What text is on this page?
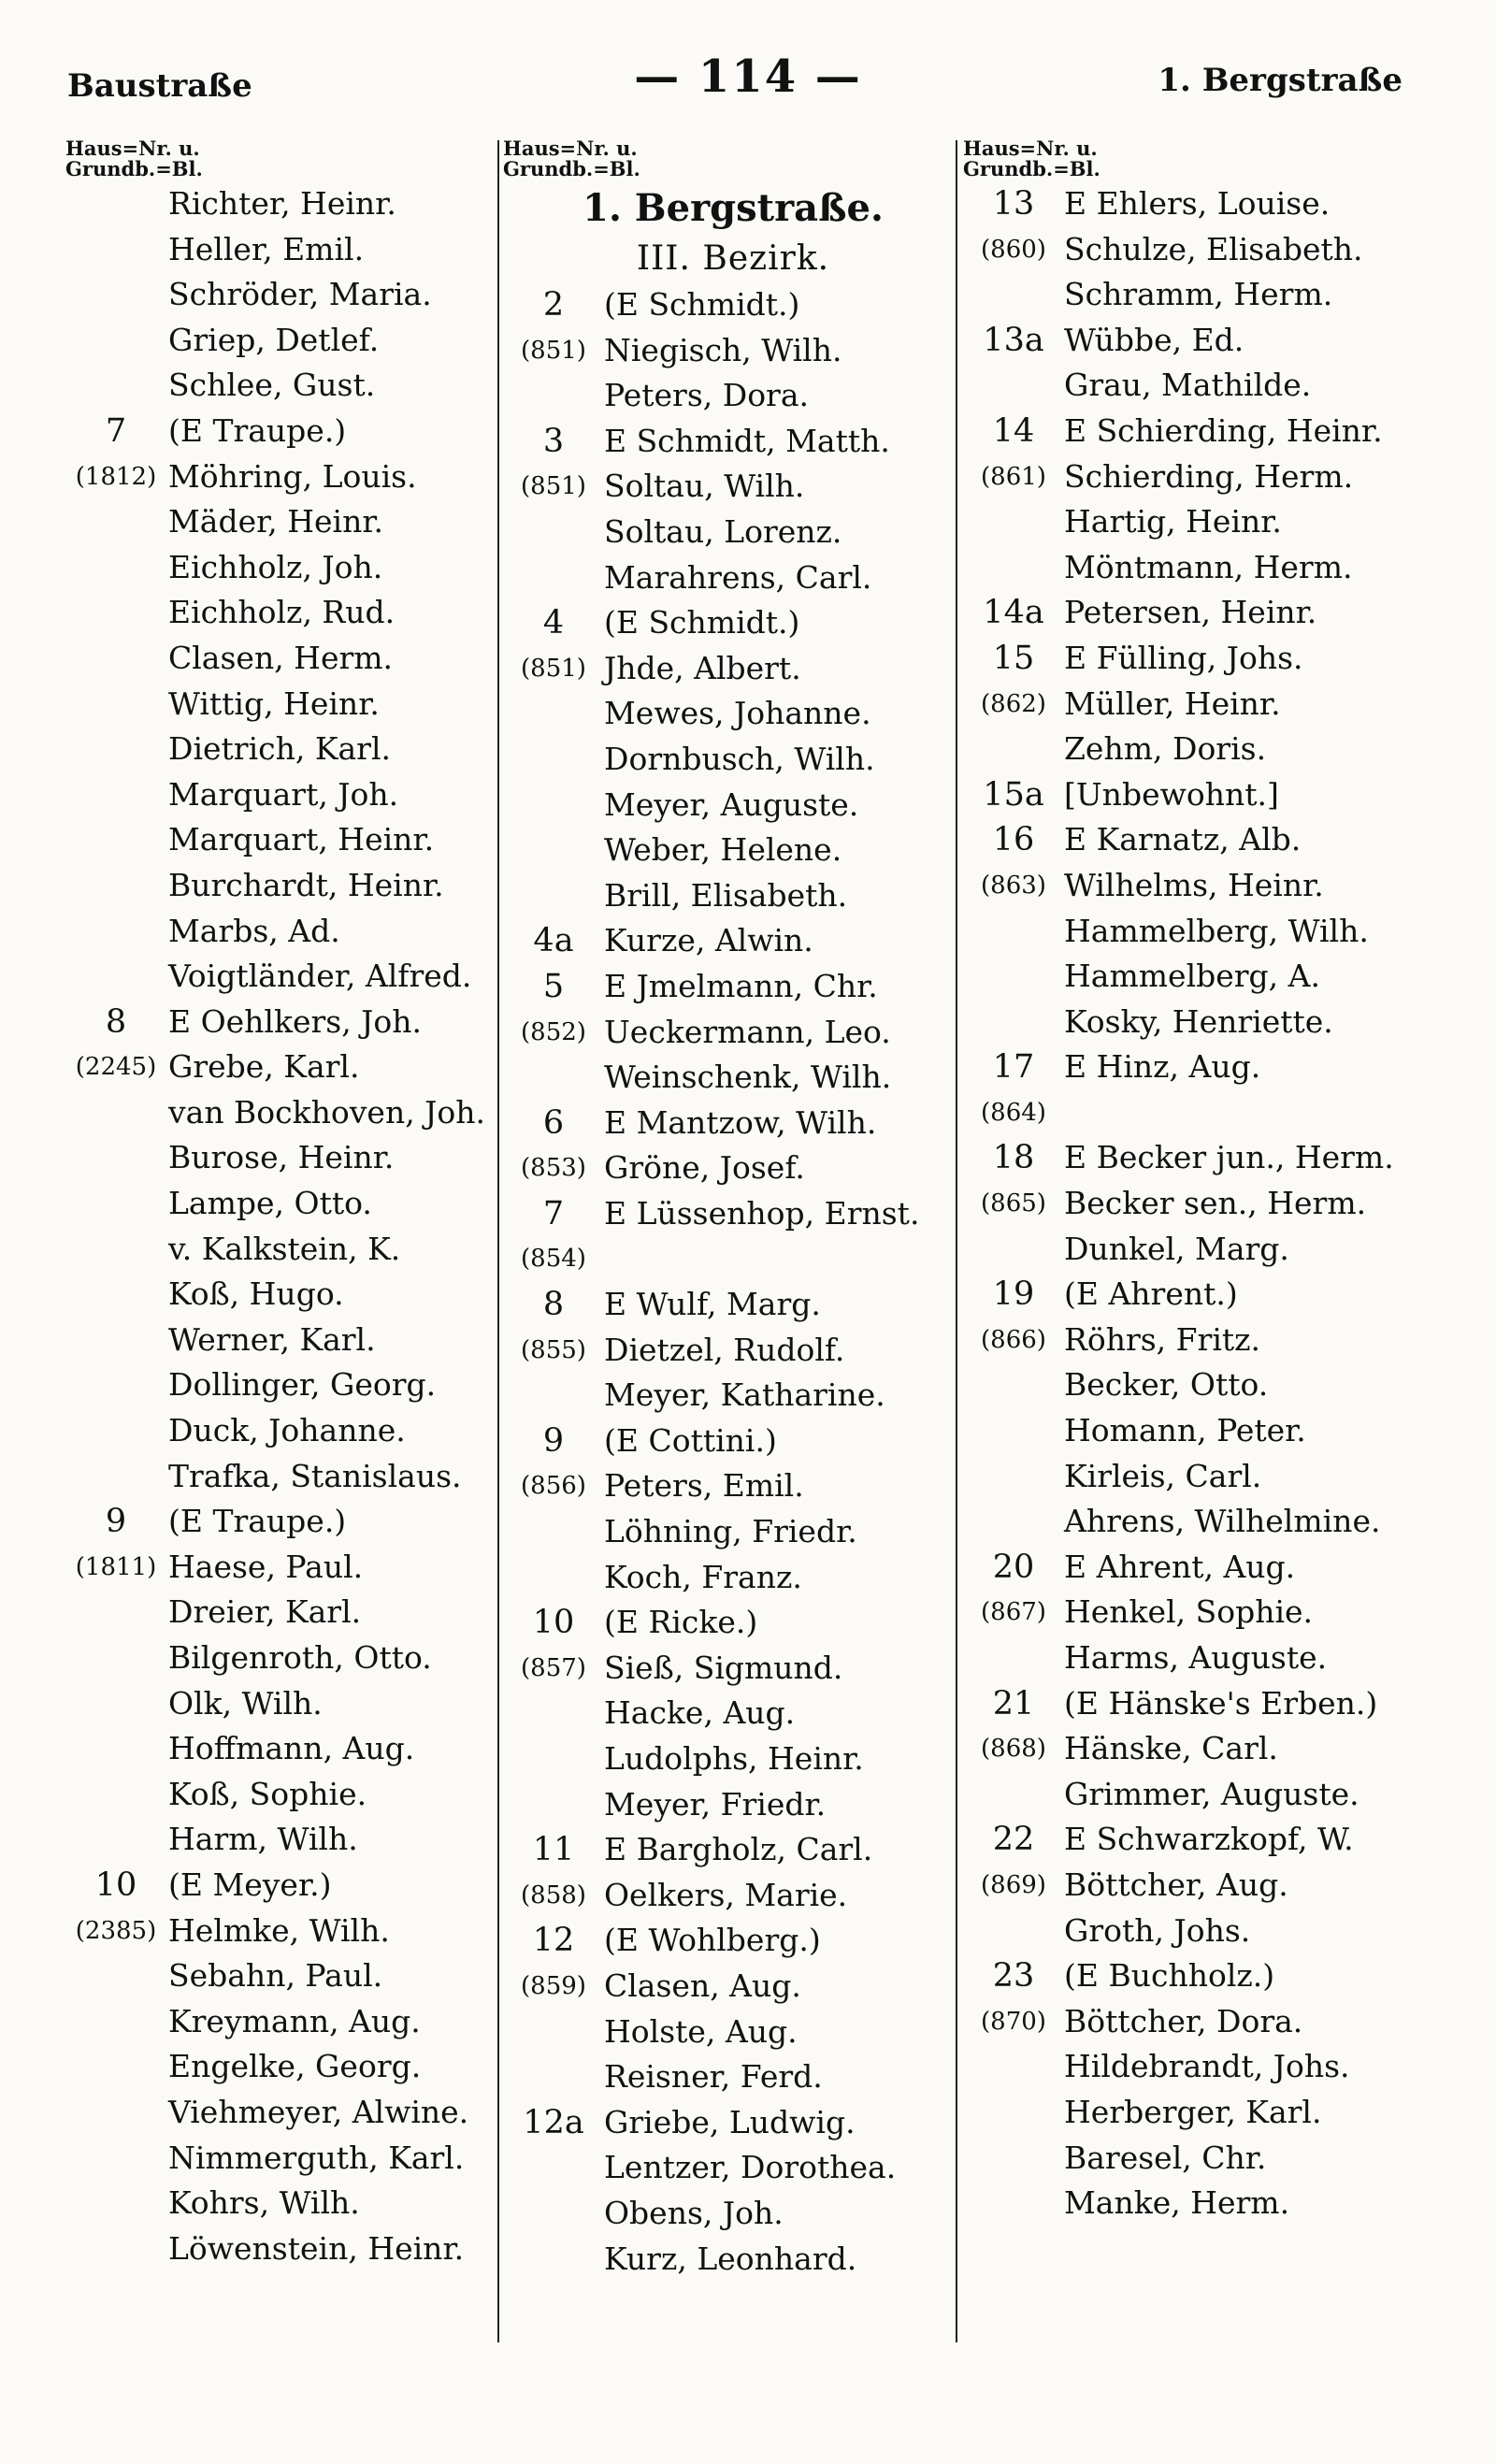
Baustraße	— 114 —	1. Bergstraße
Haus=Nr. u.
Grundb.=Bl.
Richter, Heinr.
Heller, Emil.
Schröder, Maria.
Griep, Detlef.
Schlee, Gust.
7	(E Traupe.)
(1812) Möhring, Louis.
Mäder, Heinr.
Eichholz, Joh.
Eichholz, Rud.
Clasen, Herm.
Wittig, Heinr.
Dietrich, Karl.
Marquart, Joh.
Marquart, Heinr.
Burchardt, Heinr.
Marbs, Ad.
Voigtländer, Alfred.
8	E Oehlkers, Joh.
(2245) Grebe, Karl.
van Bockhoven, Joh.
Burose, Heinr.
Lampe, Otto.
v. Kalkstein, K.
Koß, Hugo.
Werner, Karl.
Dollinger, Georg.
Duck, Johanne.
Trafka, Stanislaus.
9	(E Traupe.)
(1811) Haese, Paul.
Dreier, Karl.
Bilgenroth, Otto.
Olk, Wilh.
Hoffmann, Aug.
Koß, Sophie.
Harm, Wilh.
10	(E Meyer.)
(2385) Helmke, Wilh.
Sebahn, Paul.
Kreymann, Aug.
Engelke, Georg.
Viehmeyer, Alwine.
Nimmerguth, Karl.
Kohrs, Wilh.
Löwenstein, Heinr.
Haus=Nr. u.
Grundb.=Bl.
1. Bergstraße.
III. Bezirk.
2	(E Schmidt.)
(851) Niegisch, Wilh.
Peters, Dora.
3	E Schmidt, Matth.
(851) Soltau, Wilh.
Soltau, Lorenz.
Marahrens, Carl.
4	(E Schmidt.)
(851) Jhde, Albert.
Mewes, Johanne.
Dornbusch, Wilh.
Meyer, Auguste.
Weber, Helene.
Brill, Elisabeth.
4a Kurze, Alwin.
5	E Jmelmann, Chr.
(852) Ueckermann, Leo.
Weinschenk, Wilh.
6	E Mantzow, Wilh.
(853) Gröne, Josef.
7	E Lüssenhop, Ernst.
(854)
8	E Wulf, Marg.
(855) Dietzel, Rudolf.
Meyer, Katharine.
9	(E Cottini.)
(856) Peters, Emil.
Löhning, Friedr.
Koch, Franz.
10 (E Ricke.)
(857) Sieß, Sigmund.
Hacke, Aug.
Ludolphs, Heinr.
Meyer, Friedr.
11 E Bargholz, Carl.
(858) Oelkers, Marie.
12 (E Wohlberg.)
(859) Clasen, Aug.
Holste, Aug.
Reisner, Ferd.
12a Griebe, Ludwig.
Lentzer, Dorothea.
Obens, Joh.
Kurz, Leonhard.
Haus=Nr. u.
Grundb.=Bl.
13 E Ehlers, Louise.
(860) Schulze, Elisabeth.
Schramm, Herm.
13a Wübbe, Ed.
Grau, Mathilde.
14 E Schierding, Heinr.
(861) Schierding, Herm.
Hartig, Heinr.
Möntmann, Herm.
14a Petersen, Heinr.
15 E Fülling, Johs.
(862) Müller, Heinr.
Zehm, Doris.
15a [Unbewohnt.]
16 E Karnatz, Alb.
(863) Wilhelms, Heinr.
Hammelberg, Wilh.
Hammelberg, A.
Kosky, Henriette.
17 E Hinz, Aug.
(864)
18 E Becker jun., Herm.
(865) Becker sen., Herm.
Dunkel, Marg.
19 (E Ahrent.)
(866) Röhrs, Fritz.
Becker, Otto.
Homann, Peter.
Kirleis, Carl.
Ahrens, Wilhelmine.
20 E Ahrent, Aug.
(867) Henkel, Sophie.
Harms, Auguste.
21 (E Hänske's Erben.)
(868) Hänske, Carl.
Grimmer, Auguste.
22 E Schwarzkopf, W.
(869) Böttcher, Aug.
Groth, Johs.
23 (E Buchholz.)
(870) Böttcher, Dora.
Hildebrandt, Johs.
Herberger, Karl.
Baresel, Chr.
Manke, Herm.
